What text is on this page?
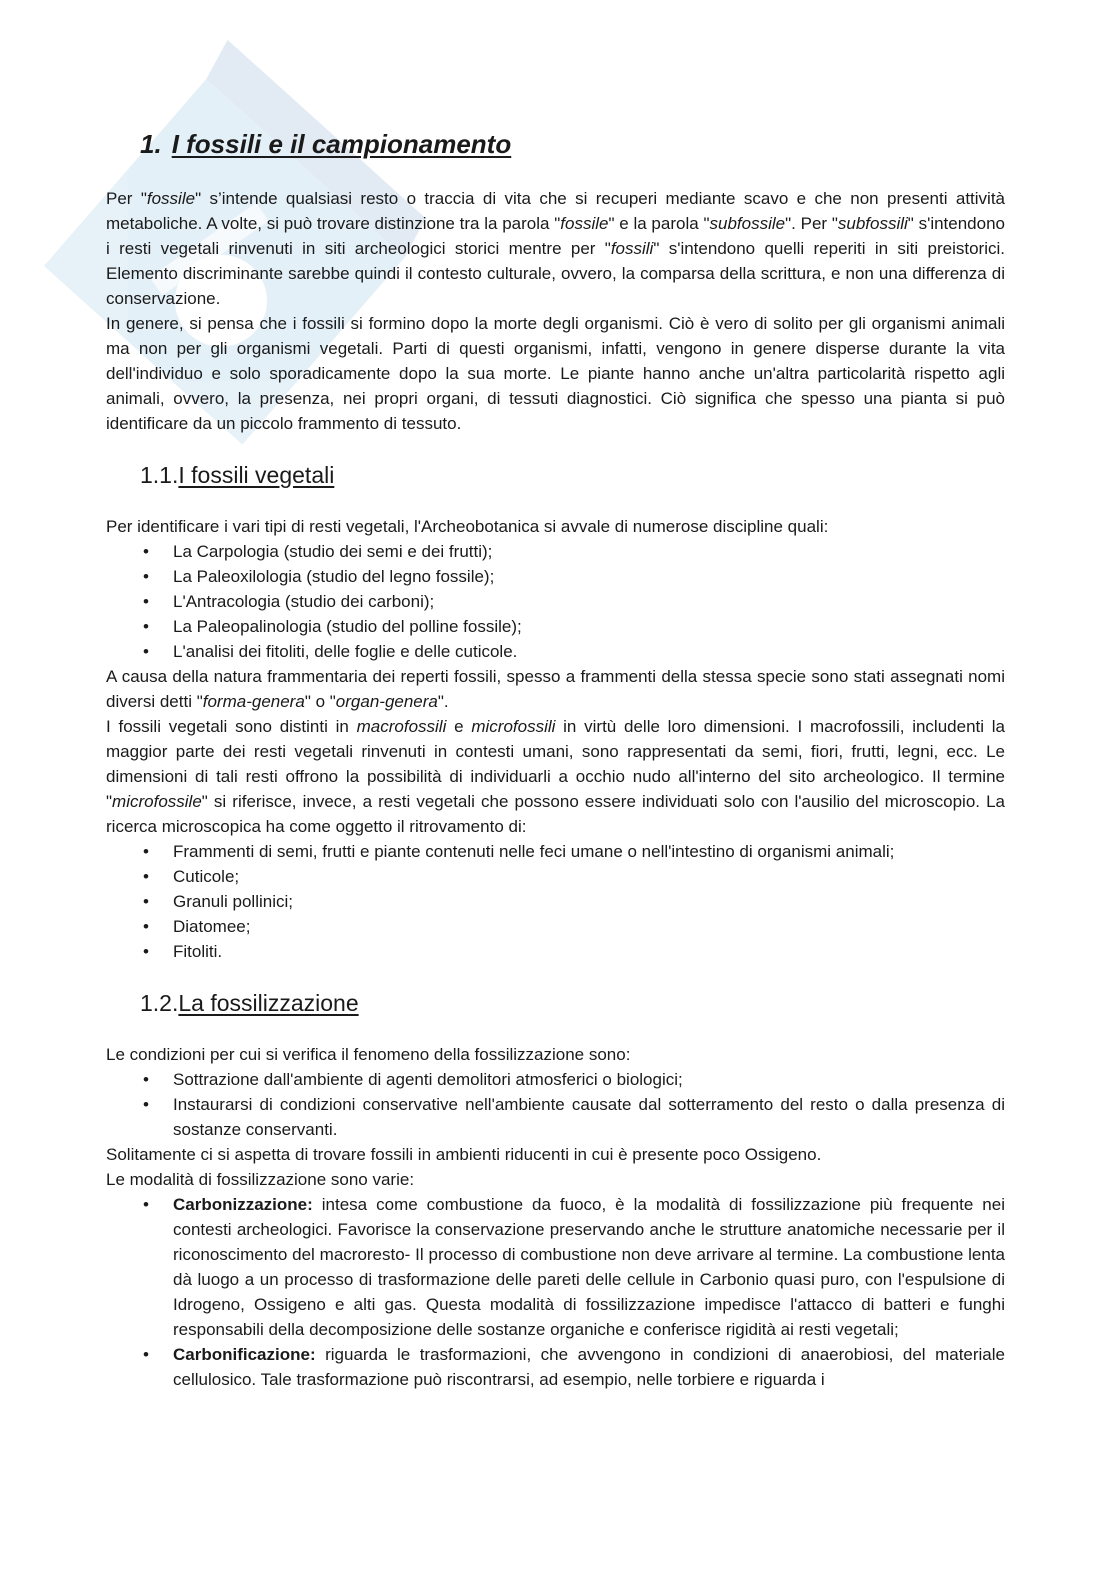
1. I fossili e il campionamento

Per "fossile" s’intende qualsiasi resto o traccia di vita che si recuperi mediante scavo e che non presenti attività metaboliche. A volte, si può trovare distinzione tra la parola "fossile" e la parola "subfossile". Per "subfossili" s'intendono i resti vegetali rinvenuti in siti archeologici storici mentre per "fossili" s'intendono quelli reperiti in siti preistorici. Elemento discriminante sarebbe quindi il contesto culturale, ovvero, la comparsa della scrittura, e non una differenza di conservazione.

In genere, si pensa che i fossili si formino dopo la morte degli organismi. Ciò è vero di solito per gli organismi animali ma non per gli organismi vegetali. Parti di questi organismi, infatti, vengono in genere disperse durante la vita dell'individuo e solo sporadicamente dopo la sua morte. Le piante hanno anche un'altra particolarità rispetto agli animali, ovvero, la presenza, nei propri organi, di tessuti diagnostici. Ciò significa che spesso una pianta si può identificare da un piccolo frammento di tessuto.

1.1.I fossili vegetali

Per identificare i vari tipi di resti vegetali, l'Archeobotanica si avvale di numerose discipline quali:

• La Carpologia (studio dei semi e dei frutti);
• La Paleoxilologia (studio del legno fossile);
• L'Antracologia (studio dei carboni);
• La Paleopalinologia (studio del polline fossile);
• L'analisi dei fitoliti, delle foglie e delle cuticole.

A causa della natura frammentaria dei reperti fossili, spesso a frammenti della stessa specie sono stati assegnati nomi diversi detti "forma-genera" o "organ-genera".

I fossili vegetali sono distinti in macrofossili e microfossili in virtù delle loro dimensioni. I macrofossili, includenti la maggior parte dei resti vegetali rinvenuti in contesti umani, sono rappresentati da semi, fiori, frutti, legni, ecc. Le dimensioni di tali resti offrono la possibilità di individuarli a occhio nudo all'interno del sito archeologico. Il termine "microfossile" si riferisce, invece, a resti vegetali che possono essere individuati solo con l'ausilio del microscopio. La ricerca microscopica ha come oggetto il ritrovamento di:

• Frammenti di semi, frutti e piante contenuti nelle feci umane o nell'intestino di organismi animali;
• Cuticole;
• Granuli pollinici;
• Diatomee;
• Fitoliti.
1.2.La fossilizzazione

Le condizioni per cui si verifica il fenomeno della fossilizzazione sono:

• Sottrazione dall'ambiente di agenti demolitori atmosferici o biologici;
• Instaurarsi di condizioni conservative nell'ambiente causate dal sotterramento del resto o dalla presenza di sostanze conservanti.

Solitamente ci si aspetta di trovare fossili in ambienti riducenti in cui è presente poco Ossigeno.

Le modalità di fossilizzazione sono varie:

• Carbonizzazione: intesa come combustione da fuoco, è la modalità di fossilizzazione più frequente nei contesti archeologici. Favorisce la conservazione preservando anche le strutture anatomiche necessarie per il riconoscimento del macroresto- Il processo di combustione non deve arrivare al termine. La combustione lenta dà luogo a un processo di trasformazione delle pareti delle cellule in Carbonio quasi puro, con l'espulsione di Idrogeno, Ossigeno e alti gas. Questa modalità di fossilizzazione impedisce l'attacco di batteri e funghi responsabili della decomposizione delle sostanze organiche e conferisce rigidità ai resti vegetali;
• Carbonificazione: riguarda le trasformazioni, che avvengono in condizioni di anaerobiosi, del materiale cellulosico. Tale trasformazione può riscontrarsi, ad esempio, nelle torbiere e riguarda i
